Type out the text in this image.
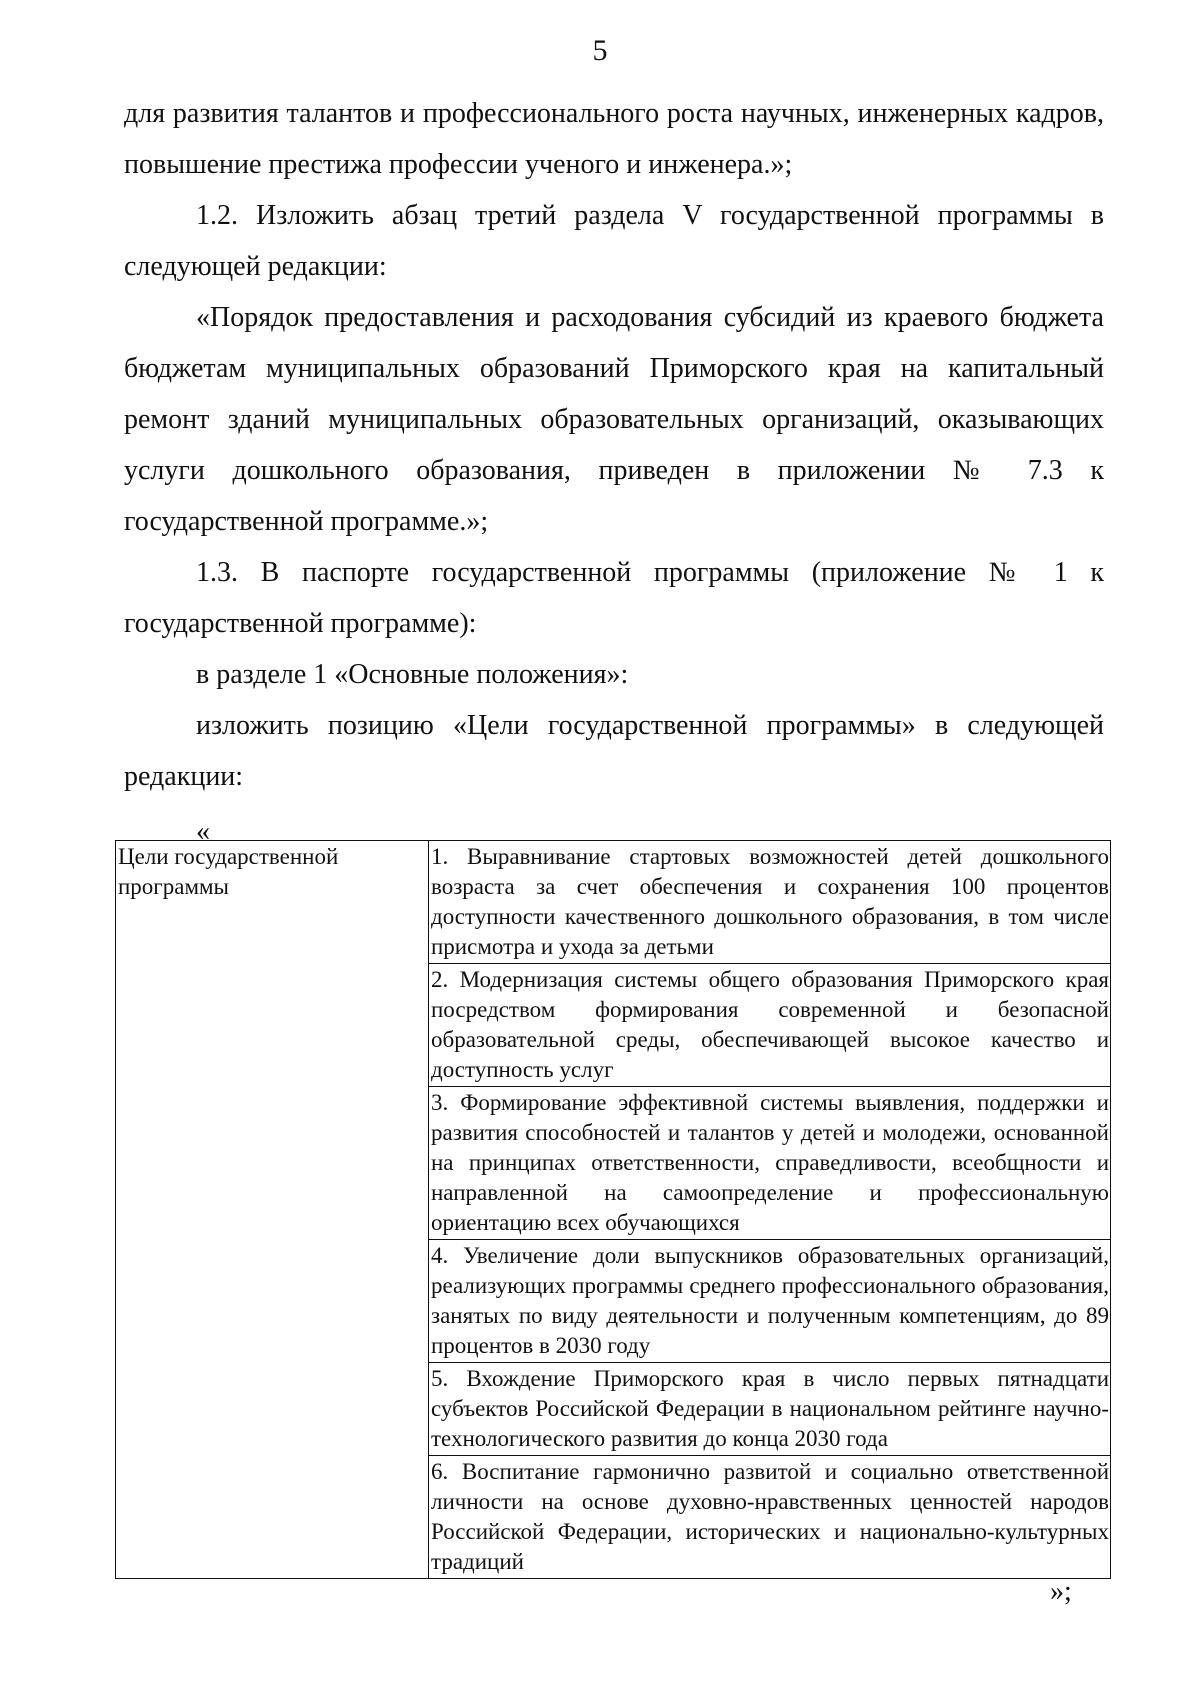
5

для развития талантов и профессионального роста научных, инженерных кадров, повышение престижа профессии ученого и инженера.»;

1.2. Изложить абзац третий раздела V государственной программы в следующей редакции:

«Порядок предоставления и расходования субсидий из краевого бюджета бюджетам муниципальных образований Приморского края на капитальный ремонт зданий муниципальных образовательных организаций, оказывающих услуги дошкольного образования, приведен в приложении № 7.3 к государственной программе.»;

1.3. В паспорте государственной программы (приложение № 1 к государственной программе):

в разделе 1 «Основные положения»:

изложить позицию «Цели государственной программы» в следующей редакции:

«

Цели государственной программы	1. Выравнивание стартовых возможностей детей дошкольного возраста за счет обеспечения и сохранения 100 процентов доступности качественного дошкольного образования, в том числе присмотра и ухода за детьми
2. Модернизация системы общего образования Приморского края посредством формирования современной и безопасной образовательной среды, обеспечивающей высокое качество и доступность услуг
3. Формирование эффективной системы выявления, поддержки и развития способностей и талантов у детей и молодежи, основанной на принципах ответственности, справедливости, всеобщности и направленной на самоопределение и профессиональную ориентацию всех обучающихся
4. Увеличение доли выпускников образовательных организаций, реализующих программы среднего профессионального образования, занятых по виду деятельности и полученным компетенциям, до 89 процентов в 2030 году
5. Вхождение Приморского края в число первых пятнадцати субъектов Российской Федерации в национальном рейтинге научно-технологического развития до конца 2030 года
6. Воспитание гармонично развитой и социально ответственной личности на основе духовно-нравственных ценностей народов Российской Федерации, исторических и национально-культурных традиций
»;
